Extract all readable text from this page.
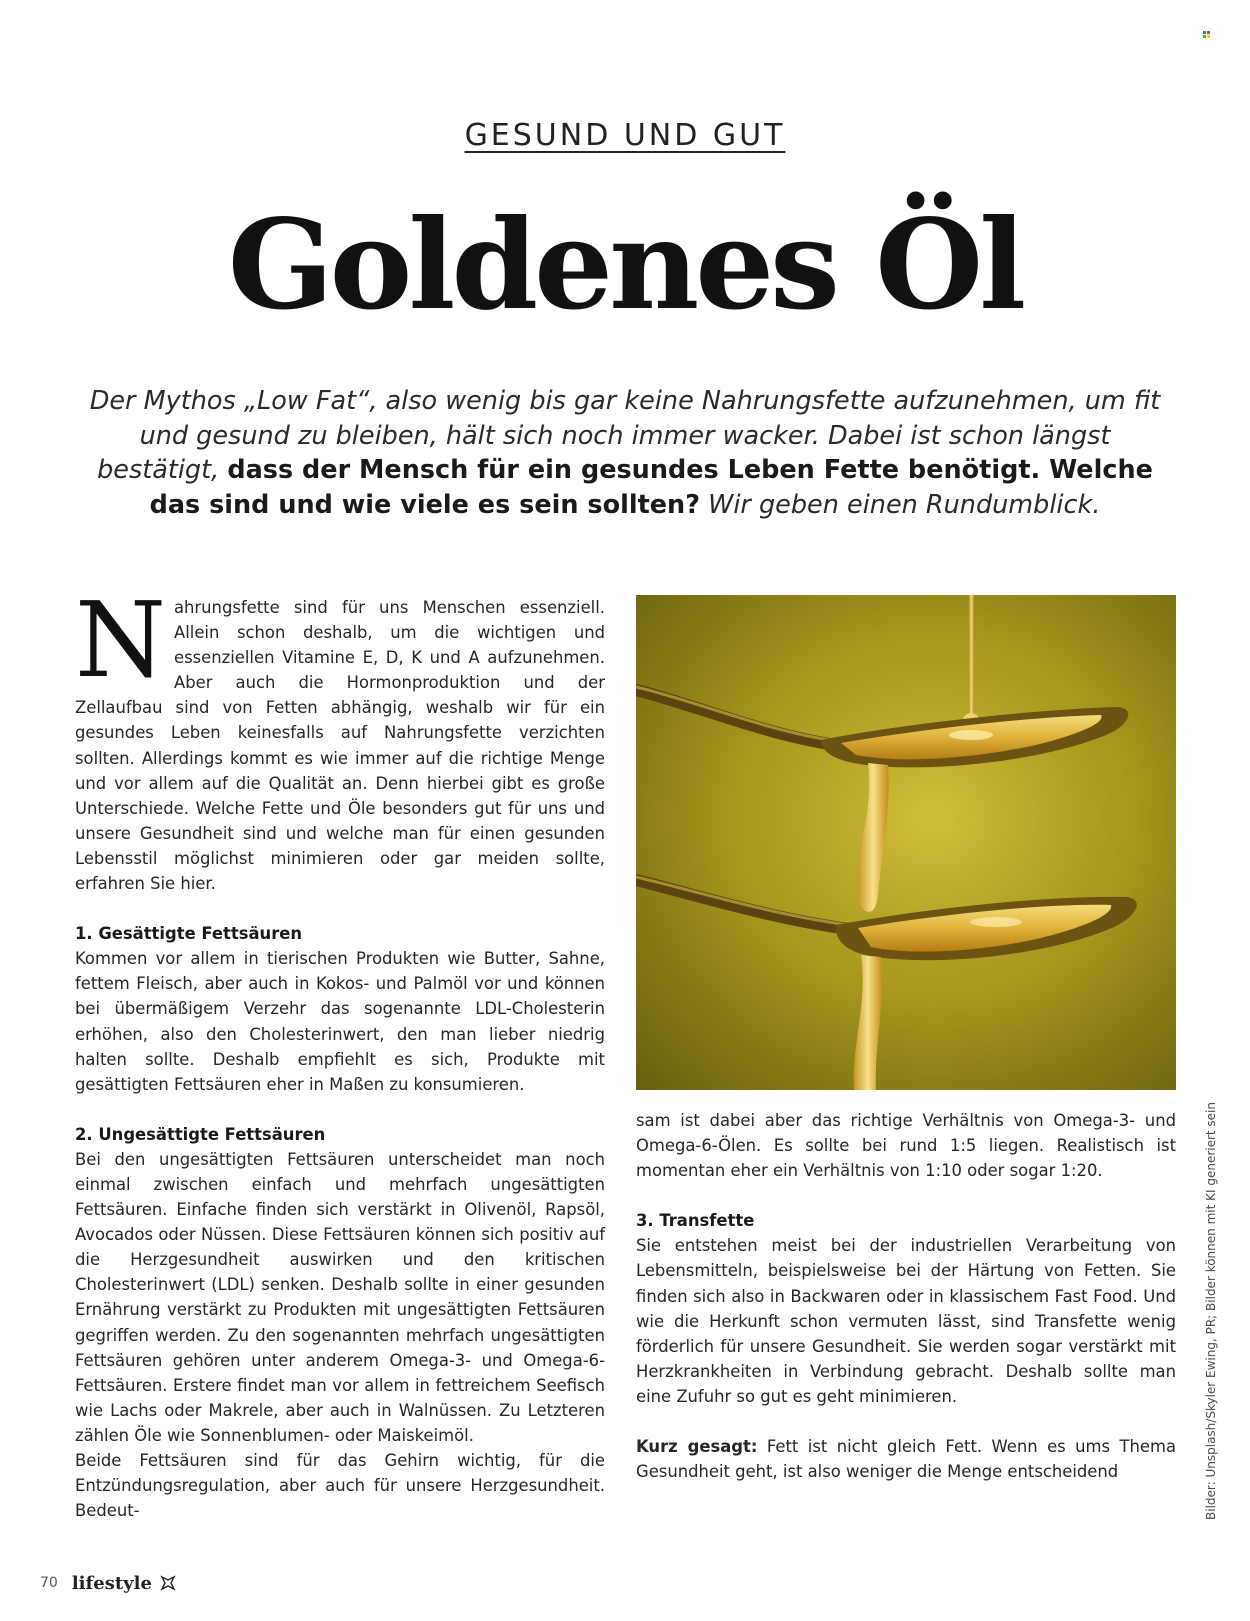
GESUND UND GUT
Goldenes Öl
Der Mythos „Low Fat“, also wenig bis gar keine Nahrungsfette aufzunehmen, um fit und gesund zu bleiben, hält sich noch immer wacker. Dabei ist schon längst bestätigt, dass der Mensch für ein gesundes Leben Fette benötigt. Welche das sind und wie viele es sein sollten? Wir geben einen Rundumblick.

Nahrungsfette sind für uns Menschen essenziell. Allein schon deshalb, um die wichtigen und essenziellen Vitamine E, D, K und A aufzunehmen. Aber auch die Hormonproduktion und der Zellaufbau sind von Fetten abhängig, weshalb wir für ein gesundes Leben keinesfalls auf Nahrungsfette verzichten sollten. Allerdings kommt es wie immer auf die richtige Menge und vor allem auf die Qualität an. Denn hierbei gibt es große Unterschiede. Welche Fette und Öle besonders gut für uns und unsere Gesundheit sind und welche man für einen gesunden Lebensstil möglichst minimieren oder gar meiden sollte, erfahren Sie hier.

1. Gesättigte Fettsäuren

Kommen vor allem in tierischen Produkten wie Butter, Sahne, fettem Fleisch, aber auch in Kokos- und Palmöl vor und können bei übermäßigem Verzehr das sogenannte LDL-Cholesterin erhöhen, also den Cholesterinwert, den man lieber niedrig halten sollte. Deshalb empfiehlt es sich, Produkte mit gesättigten Fettsäuren eher in Maßen zu konsumieren.

2. Ungesättigte Fettsäuren

Bei den ungesättigten Fettsäuren unterscheidet man noch einmal zwischen einfach und mehrfach ungesättigten Fettsäuren. Einfache finden sich verstärkt in Olivenöl, Rapsöl, Avocados oder Nüssen. Diese Fettsäuren können sich positiv auf die Herzgesundheit auswirken und den kritischen Cholesterinwert (LDL) senken. Deshalb sollte in einer gesunden Ernährung verstärkt zu Produkten mit ungesättigten Fettsäuren gegriffen werden. Zu den sogenannten mehrfach ungesättigten Fettsäuren gehören unter anderem Omega-3- und Omega-6-Fettsäuren. Erstere findet man vor allem in fettreichem Seefisch wie Lachs oder Makrele, aber auch in Walnüssen. Zu Letzteren zählen Öle wie Sonnenblumen- oder Maiskeimöl.

Beide Fettsäuren sind für das Gehirn wichtig, für die Entzündungsregulation, aber auch für unsere Herzgesundheit. Bedeut-

sam ist dabei aber das richtige Verhältnis von Omega-3- und Omega-6-Ölen. Es sollte bei rund 1:5 liegen. Realistisch ist momentan eher ein Verhältnis von 1:10 oder sogar 1:20.

3. Transfette

Sie entstehen meist bei der industriellen Verarbeitung von Lebensmitteln, beispielsweise bei der Härtung von Fetten. Sie finden sich also in Backwaren oder in klassischem Fast Food. Und wie die Herkunft schon vermuten lässt, sind Transfette wenig förderlich für unsere Gesundheit. Sie werden sogar verstärkt mit Herzkrankheiten in Verbindung gebracht. Deshalb sollte man eine Zufuhr so gut es geht minimieren.

Kurz gesagt: Fett ist nicht gleich Fett. Wenn es ums Thema Gesundheit geht, ist also weniger die Menge entscheidend	Bilder: Unsplash/Skyler Ewing, PR; Bilder können mit KI generiert sein
70 lifestyle
